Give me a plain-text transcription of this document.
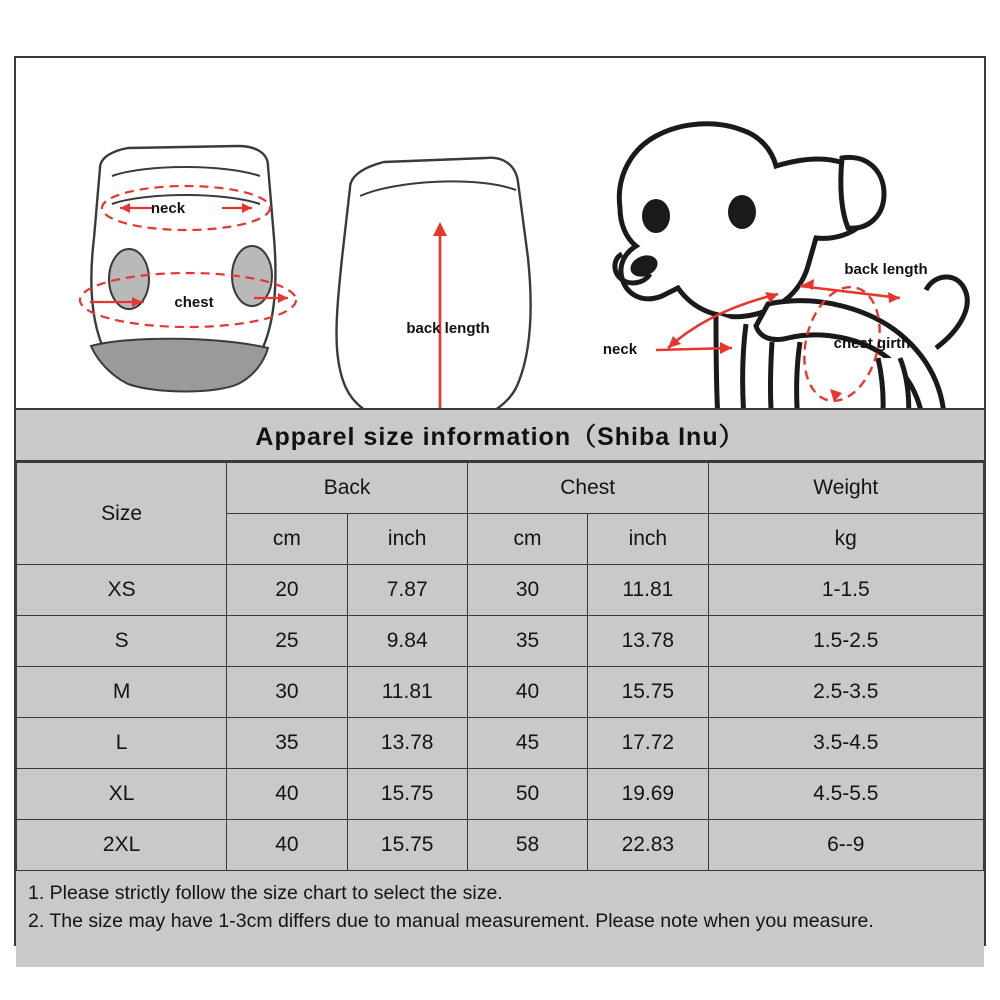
neck
chest
back length
back length
neck	chest girth
Apparel size information（Shiba Inu）
Size	Back		Chest		Weight
	cm	inch	cm	inch	kg
XS	20	7.87	30	11.81	1-1.5
S	25	9.84	35	13.78	1.5-2.5
M	30	11.81	40	15.75	2.5-3.5
L	35	13.78	45	17.72	3.5-4.5
XL	40	15.75	50	19.69	4.5-5.5
2XL	40	15.75	58	22.83	6--9
1. Please strictly follow the size chart to select the size.
2. The size may have 1-3cm differs due to manual measurement. Please note when you measure.
